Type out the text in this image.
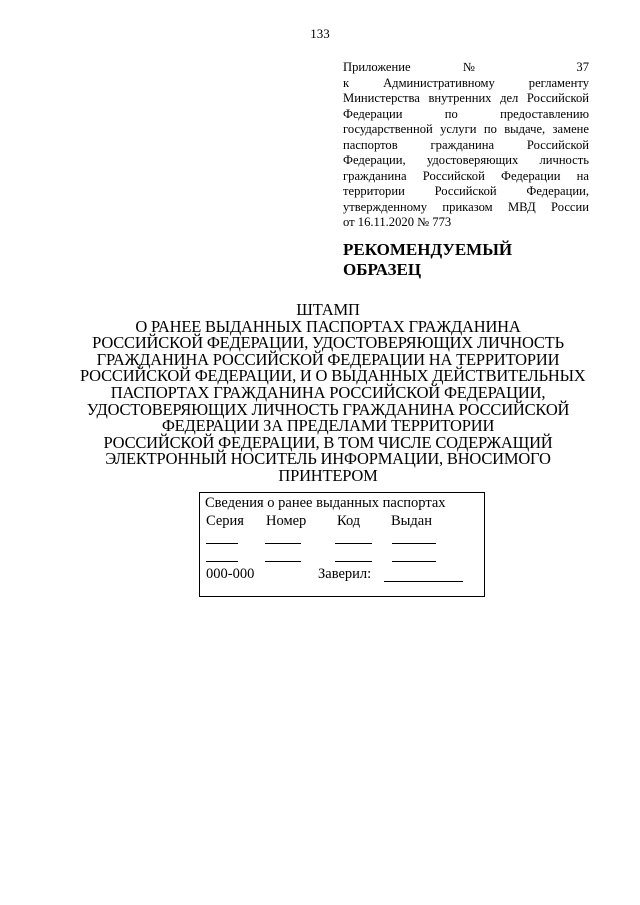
133
Приложение № 37
к Административному регламенту
Министерства внутренних дел Российской
Федерации по предоставлению
государственной услуги по выдаче, замене
паспортов гражданина Российской
Федерации, удостоверяющих личность
гражданина Российской Федерации на
территории Российской Федерации,
утвержденному приказом МВД России
от 16.11.2020 № 773
РЕКОМЕНДУЕМЫЙ
ОБРАЗЕЦ
ШТАМП
О РАНЕЕ ВЫДАННЫХ ПАСПОРТАХ ГРАЖДАНИНА
РОССИЙСКОЙ ФЕДЕРАЦИИ, УДОСТОВЕРЯЮЩИХ ЛИЧНОСТЬ
ГРАЖДАНИНА РОССИЙСКОЙ ФЕДЕРАЦИИ НА ТЕРРИТОРИИ
РОССИЙСКОЙ ФЕДЕРАЦИИ, И О ВЫДАННЫХ ДЕЙСТВИТЕЛЬНЫХ
ПАСПОРТАХ ГРАЖДАНИНА РОССИЙСКОЙ ФЕДЕРАЦИИ,
УДОСТОВЕРЯЮЩИХ ЛИЧНОСТЬ ГРАЖДАНИНА РОССИЙСКОЙ
ФЕДЕРАЦИИ ЗА ПРЕДЕЛАМИ ТЕРРИТОРИИ
РОССИЙСКОЙ ФЕДЕРАЦИИ, В ТОМ ЧИСЛЕ СОДЕРЖАЩИЙ
ЭЛЕКТРОННЫЙ НОСИТЕЛЬ ИНФОРМАЦИИ, ВНОСИМОГО
ПРИНТЕРОМ
Сведения о ранее выданных паспортах
Серия Номер Код Выдан
000-000	Заверил:
